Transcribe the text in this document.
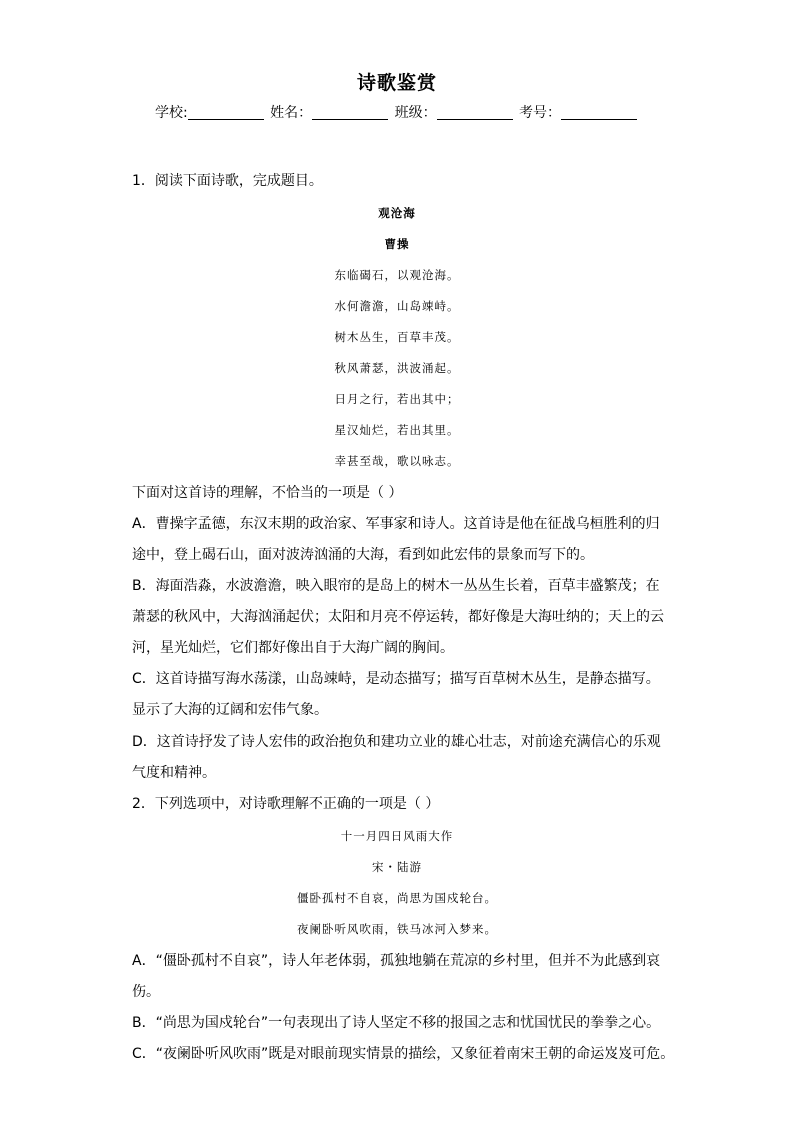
诗歌鉴赏
学校:	姓名：	班级：	考号：
1．阅读下面诗歌，完成题目。
观沧海
曹操
东临碣石，以观沧海。
水何澹澹，山岛竦峙。
树木丛生，百草丰茂。
秋风萧瑟，洪波涌起。
日月之行，若出其中；
星汉灿烂，若出其里。
幸甚至哉，歌以咏志。
下面对这首诗的理解，不恰当的一项是（ ）
A．曹操字孟德，东汉末期的政治家、军事家和诗人。这首诗是他在征战乌桓胜利的归
途中，登上碣石山，面对波涛汹涌的大海，看到如此宏伟的景象而写下的。
B．海面浩淼，水波澹澹，映入眼帘的是岛上的树木一丛丛生长着，百草丰盛繁茂；在
萧瑟的秋风中，大海汹涌起伏；太阳和月亮不停运转，都好像是大海吐纳的；天上的云
河，星光灿烂，它们都好像出自于大海广阔的胸间。
C．这首诗描写海水荡漾，山岛竦峙，是动态描写；描写百草树木丛生，是静态描写。
显示了大海的辽阔和宏伟气象。
D．这首诗抒发了诗人宏伟的政治抱负和建功立业的雄心壮志，对前途充满信心的乐观
气度和精神。
2．下列选项中，对诗歌理解不正确的一项是（ ）
十一月四日风雨大作
宋・陆游
僵卧孤村不自哀，尚思为国戍轮台。
夜阑卧听风吹雨，铁马冰河入梦来。
A．“僵卧孤村不自哀”，诗人年老体弱，孤独地躺在荒凉的乡村里，但并不为此感到哀
伤。
B．“尚思为国戍轮台”一句表现出了诗人坚定不移的报国之志和忧国忧民的拳拳之心。
C．“夜阑卧听风吹雨”既是对眼前现实情景的描绘，又象征着南宋王朝的命运岌岌可危。
